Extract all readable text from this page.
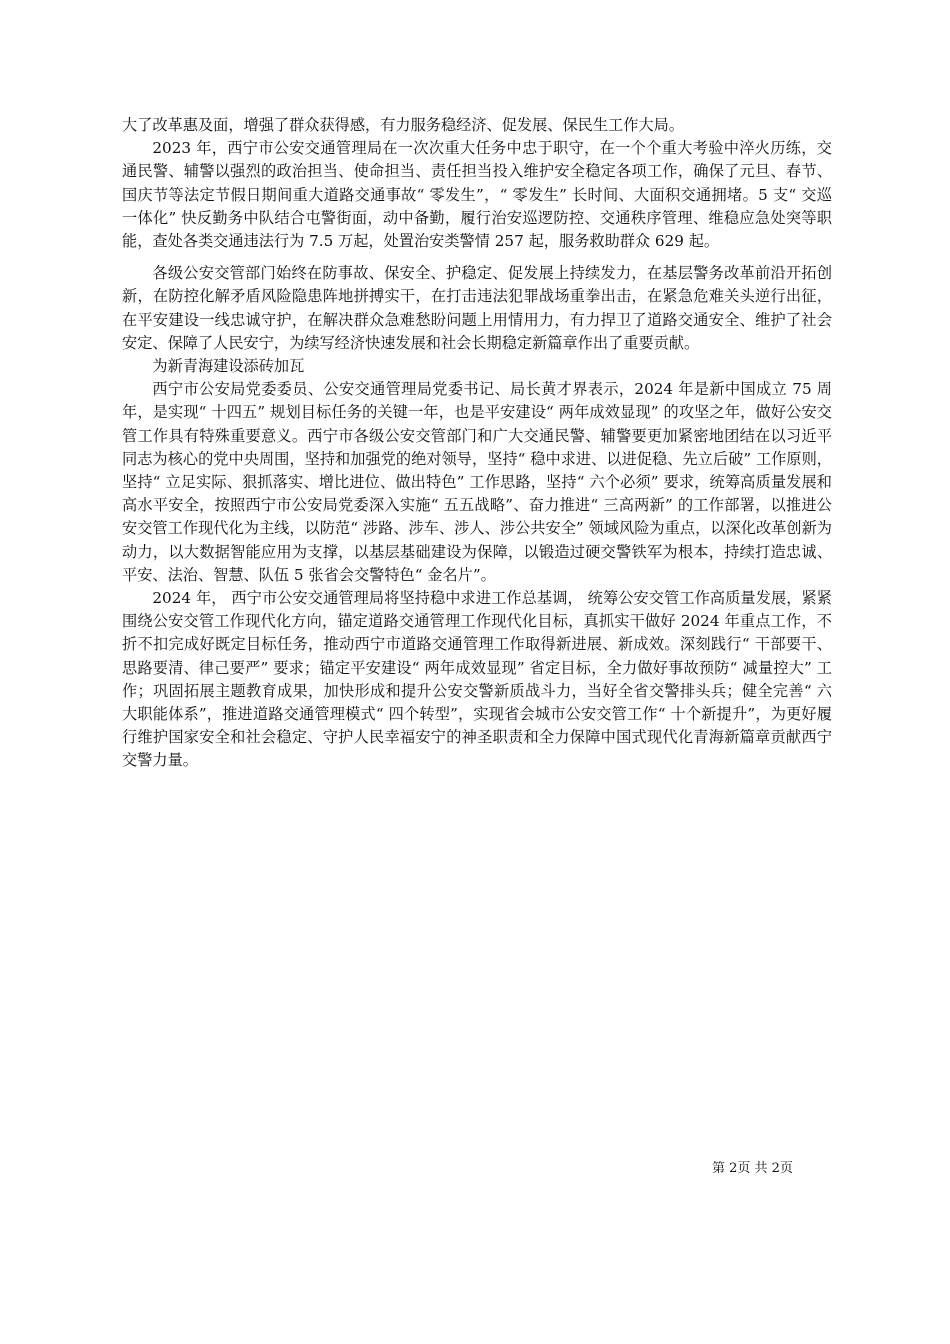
大了改革惠及面，增强了群众获得感，有力服务稳经济、促发展、保民生工作大局。

2023 年，西宁市公安交通管理局在一次次重大任务中忠于职守，在一个个重大考验中淬火历练，交通民警、辅警以强烈的政治担当、使命担当、责任担当投入维护安全稳定各项工作，确保了元旦、春节、国庆节等法定节假日期间重大道路交通事故“ 零发生”，“ 零发生” 长时间、大面积交通拥堵。5 支“ 交巡一体化” 快反勤务中队结合屯警街面，动中备勤，履行治安巡逻防控、交通秩序管理、维稳应急处突等职能，查处各类交通违法行为 7.5 万起，处置治安类警情 257 起，服务救助群众 629 起。

各级公安交管部门始终在防事故、保安全、护稳定、促发展上持续发力，在基层警务改革前沿开拓创新，在防控化解矛盾风险隐患阵地拼搏实干，在打击违法犯罪战场重拳出击，在紧急危难关头逆行出征，在平安建设一线忠诚守护，在解决群众急难愁盼问题上用情用力，有力捍卫了道路交通安全、维护了社会安定、保障了人民安宁，为续写经济快速发展和社会长期稳定新篇章作出了重要贡献。

为新青海建设添砖加瓦

西宁市公安局党委委员、公安交通管理局党委书记、局长黄才界表示，2024 年是新中国成立 75 周年，是实现“ 十四五” 规划目标任务的关键一年，也是平安建设“ 两年成效显现” 的攻坚之年，做好公安交管工作具有特殊重要意义。西宁市各级公安交管部门和广大交通民警、辅警要更加紧密地团结在以习近平同志为核心的党中央周围，坚持和加强党的绝对领导，坚持“ 稳中求进、以进促稳、先立后破” 工作原则，坚持“ 立足实际、狠抓落实、增比进位、做出特色” 工作思路，坚持“ 六个必须” 要求，统筹高质量发展和高水平安全，按照西宁市公安局党委深入实施“ 五五战略”、奋力推进“ 三高两新” 的工作部署，以推进公安交管工作现代化为主线，以防范“ 涉路、涉车、涉人、涉公共安全” 领域风险为重点，以深化改革创新为动力，以大数据智能应用为支撑，以基层基础建设为保障，以锻造过硬交警铁军为根本，持续打造忠诚、平安、法治、智慧、队伍 5 张省会交警特色“ 金名片”。

2024 年， 西宁市公安交通管理局将坚持稳中求进工作总基调， 统筹公安交管工作高质量发展，紧紧围绕公安交管工作现代化方向，锚定道路交通管理工作现代化目标，真抓实干做好 2024 年重点工作，不折不扣完成好既定目标任务，推动西宁市道路交通管理工作取得新进展、新成效。深刻践行“ 干部要干、思路要清、律己要严” 要求；锚定平安建设“ 两年成效显现” 省定目标，全力做好事故预防“ 减量控大” 工作；巩固拓展主题教育成果，加快形成和提升公安交警新质战斗力，当好全省交警排头兵；健全完善“ 六大职能体系”，推进道路交通管理模式“ 四个转型”，实现省会城市公安交管工作“ 十个新提升”，为更好履行维护国家安全和社会稳定、守护人民幸福安宁的神圣职责和全力保障中国式现代化青海新篇章贡献西宁交警力量。

第 2页 共 2页
